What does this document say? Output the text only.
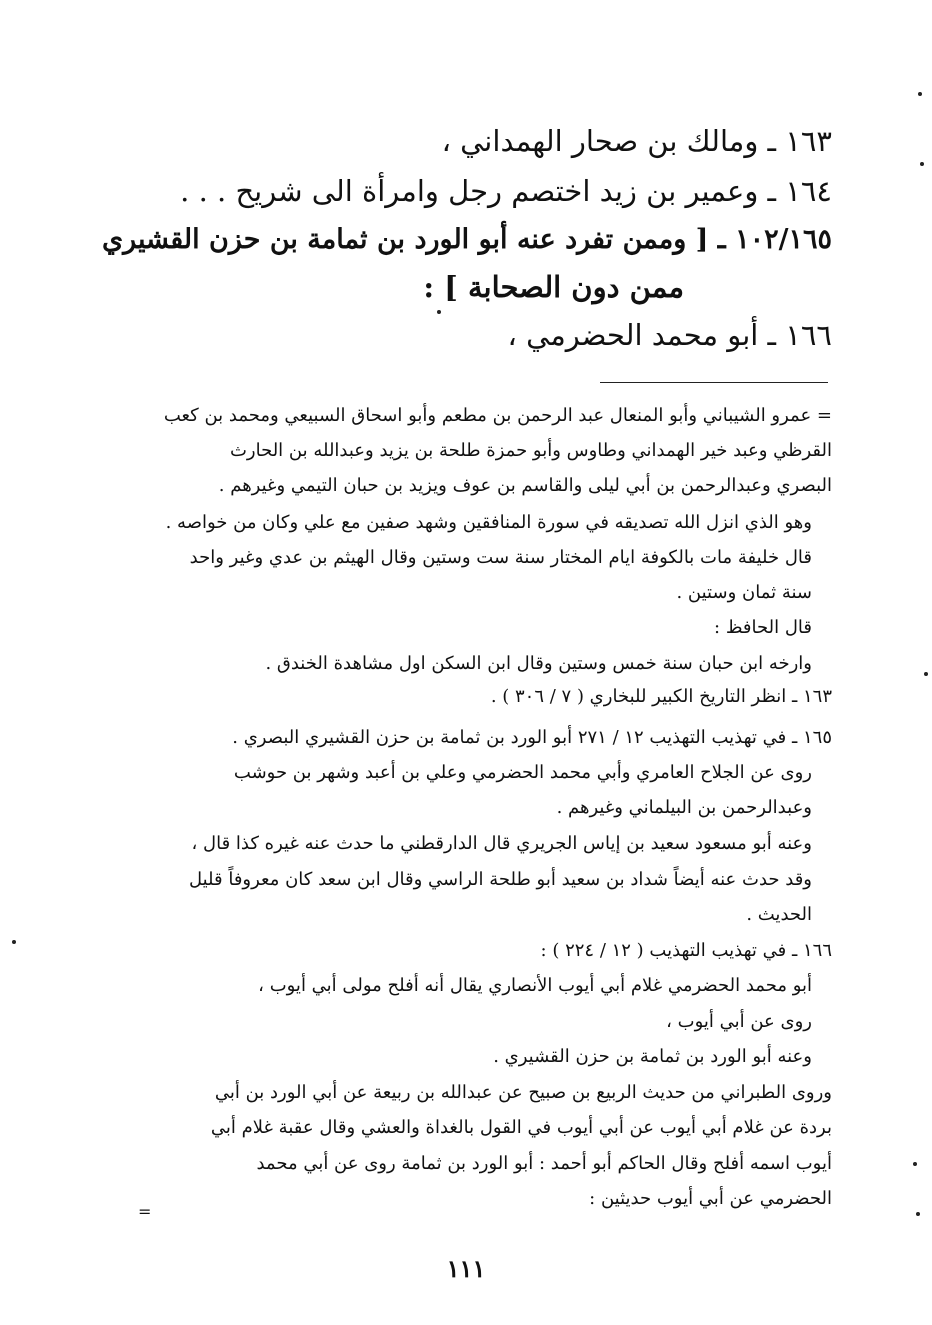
١٦٣ ـ ومالك بن صحار الهمداني ،
١٦٤ ـ وعمير بن زيد اختصم رجل وامرأة الى شريح . . .
١٠٢/١٦٥ ـ [ وممن تفرد عنه أبو الورد بن ثمامة بن حزن القشيري
ممن دون الصحابة ] :
١٦٦ ـ أبو محمد الحضرمي ،
= عمرو الشيباني وأبو المنعال عبد الرحمن بن مطعم وأبو اسحاق السبيعي ومحمد بن كعب
القرظي وعبد خير الهمداني وطاوس وأبو حمزة طلحة بن يزيد وعبدالله بن الحارث
البصري وعبدالرحمن بن أبي ليلى والقاسم بن عوف ويزيد بن حبان التيمي وغيرهم .
وهو الذي انزل الله تصديقه في سورة المنافقين وشهد صفين مع علي وكان من خواصه .
قال خليفة مات بالكوفة ايام المختار سنة ست وستين وقال الهيثم بن عدي وغير واحد
سنة ثمان وستين .
قال الحافظ :
وارخه ابن حبان سنة خمس وستين وقال ابن السكن اول مشاهدة الخندق .
١٦٣ ـ انظر التاريخ الكبير للبخاري ( ٧ / ٣٠٦ ) .
١٦٥ ـ في تهذيب التهذيب ١٢ / ٢٧١ أبو الورد بن ثمامة بن حزن القشيري البصري .
روى عن الجلاح العامري وأبي محمد الحضرمي وعلي بن أعبد وشهر بن حوشب
وعبدالرحمن بن البيلماني وغيرهم .
وعنه أبو مسعود سعيد بن إياس الجريري قال الدارقطني ما حدث عنه غيره كذا قال ،
وقد حدث عنه أيضاً شداد بن سعيد أبو طلحة الراسي وقال ابن سعد كان معروفاً قليل
الحديث .
١٦٦ ـ في تهذيب التهذيب ( ١٢ / ٢٢٤ ) :
أبو محمد الحضرمي غلام أبي أيوب الأنصاري يقال أنه أفلح مولى أبي أيوب ،
روى عن أبي أيوب ،
وعنه أبو الورد بن ثمامة بن حزن القشيري .
وروى الطبراني من حديث الربيع بن صبيح عن عبدالله بن ربيعة عن أبي الورد بن أبي
بردة عن غلام أبي أيوب عن أبي أيوب في القول بالغداة والعشي وقال عقبة غلام أبي
أيوب اسمه أفلح وقال الحاكم أبو أحمد : أبو الورد بن ثمامة روى عن أبي محمد
الحضرمي عن أبي أيوب حديثين :
=
١١١
